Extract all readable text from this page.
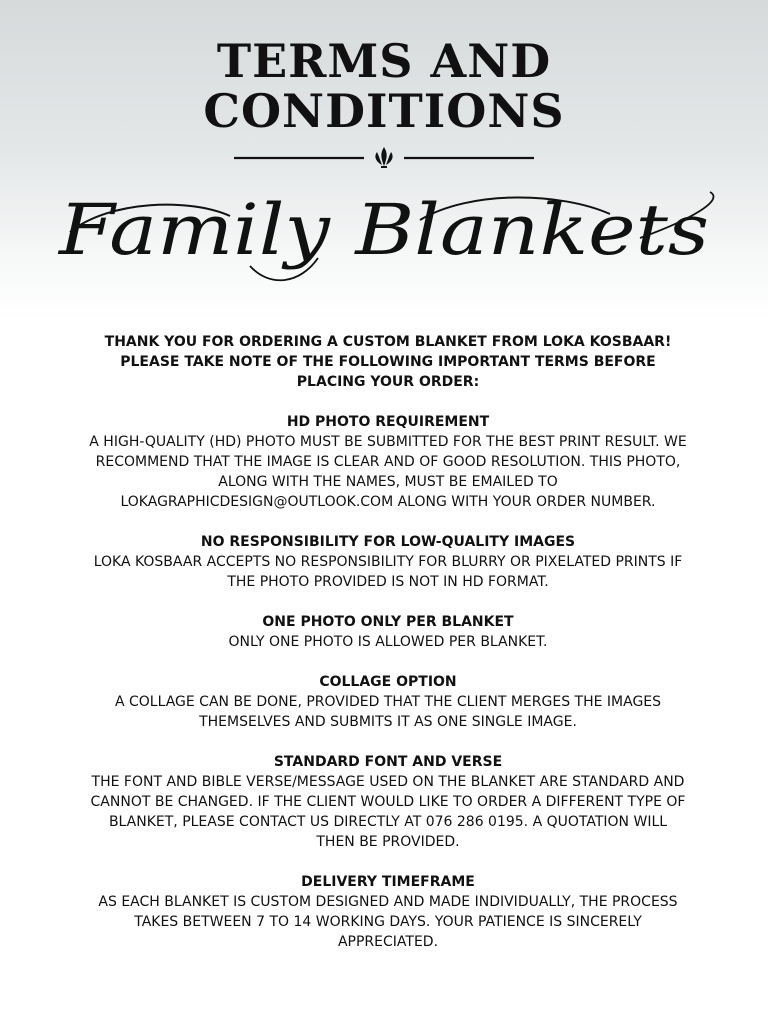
TERMS AND
CONDITIONS
Family Blankets
THANK YOU FOR ORDERING A CUSTOM BLANKET FROM LOKA KOSBAAR! PLEASE TAKE NOTE OF THE FOLLOWING IMPORTANT TERMS BEFORE PLACING YOUR ORDER:
HD PHOTO REQUIREMENT
A HIGH-QUALITY (HD) PHOTO MUST BE SUBMITTED FOR THE BEST PRINT RESULT. WE RECOMMEND THAT THE IMAGE IS CLEAR AND OF GOOD RESOLUTION. THIS PHOTO, ALONG WITH THE NAMES, MUST BE EMAILED TO LOKAGRAPHICDESIGN@OUTLOOK.COM ALONG WITH YOUR ORDER NUMBER.
NO RESPONSIBILITY FOR LOW-QUALITY IMAGES
LOKA KOSBAAR ACCEPTS NO RESPONSIBILITY FOR BLURRY OR PIXELATED PRINTS IF THE PHOTO PROVIDED IS NOT IN HD FORMAT.
ONE PHOTO ONLY PER BLANKET
ONLY ONE PHOTO IS ALLOWED PER BLANKET.
COLLAGE OPTION
A COLLAGE CAN BE DONE, PROVIDED THAT THE CLIENT MERGES THE IMAGES THEMSELVES AND SUBMITS IT AS ONE SINGLE IMAGE.
STANDARD FONT AND VERSE
THE FONT AND BIBLE VERSE/MESSAGE USED ON THE BLANKET ARE STANDARD AND CANNOT BE CHANGED. IF THE CLIENT WOULD LIKE TO ORDER A DIFFERENT TYPE OF BLANKET, PLEASE CONTACT US DIRECTLY AT 076 286 0195. A QUOTATION WILL THEN BE PROVIDED.
DELIVERY TIMEFRAME
AS EACH BLANKET IS CUSTOM DESIGNED AND MADE INDIVIDUALLY, THE PROCESS TAKES BETWEEN 7 TO 14 WORKING DAYS. YOUR PATIENCE IS SINCERELY APPRECIATED.
